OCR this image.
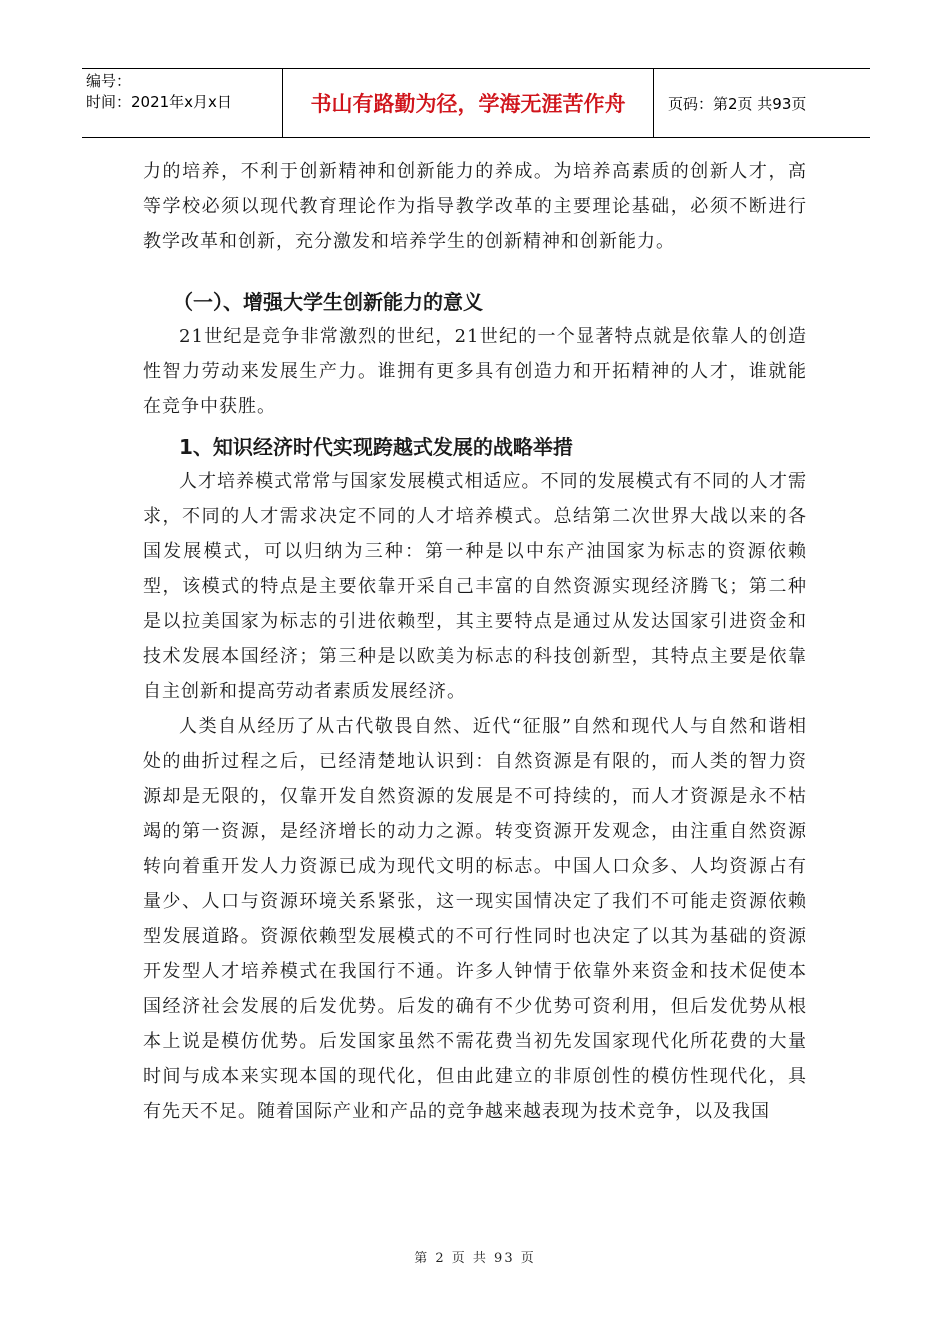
编号：
时间：2021年x月x日	书山有路勤为径，学海无涯苦作舟	页码：第2页 共93页

力的培养，不利于创新精神和创新能力的养成。为培养高素质的创新人才，高等学校必须以现代教育理论作为指导教学改革的主要理论基础，必须不断进行教学改革和创新，充分激发和培养学生的创新精神和创新能力。

（一）、增强大学生创新能力的意义

21世纪是竞争非常激烈的世纪，21世纪的一个显著特点就是依靠人的创造性智力劳动来发展生产力。谁拥有更多具有创造力和开拓精神的人才，谁就能在竞争中获胜。

1、知识经济时代实现跨越式发展的战略举措

人才培养模式常常与国家发展模式相适应。不同的发展模式有不同的人才需求，不同的人才需求决定不同的人才培养模式。总结第二次世界大战以来的各国发展模式，可以归纳为三种：第一种是以中东产油国家为标志的资源依赖型，该模式的特点是主要依靠开采自己丰富的自然资源实现经济腾飞；第二种是以拉美国家为标志的引进依赖型，其主要特点是通过从发达国家引进资金和技术发展本国经济；第三种是以欧美为标志的科技创新型，其特点主要是依靠自主创新和提高劳动者素质发展经济。

人类自从经历了从古代敬畏自然、近代“征服”自然和现代人与自然和谐相处的曲折过程之后，已经清楚地认识到：自然资源是有限的，而人类的智力资源却是无限的，仅靠开发自然资源的发展是不可持续的，而人才资源是永不枯竭的第一资源，是经济增长的动力之源。转变资源开发观念，由注重自然资源转向着重开发人力资源已成为现代文明的标志。中国人口众多、人均资源占有量少、人口与资源环境关系紧张，这一现实国情决定了我们不可能走资源依赖型发展道路。资源依赖型发展模式的不可行性同时也决定了以其为基础的资源开发型人才培养模式在我国行不通。许多人钟情于依靠外来资金和技术促使本国经济社会发展的后发优势。后发的确有不少优势可资利用，但后发优势从根本上说是模仿优势。后发国家虽然不需花费当初先发国家现代化所花费的大量时间与成本来实现本国的现代化，但由此建立的非原创性的模仿性现代化，具有先天不足。随着国际产业和产品的竞争越来越表现为技术竞争，以及我国

第 2 页 共 93 页
